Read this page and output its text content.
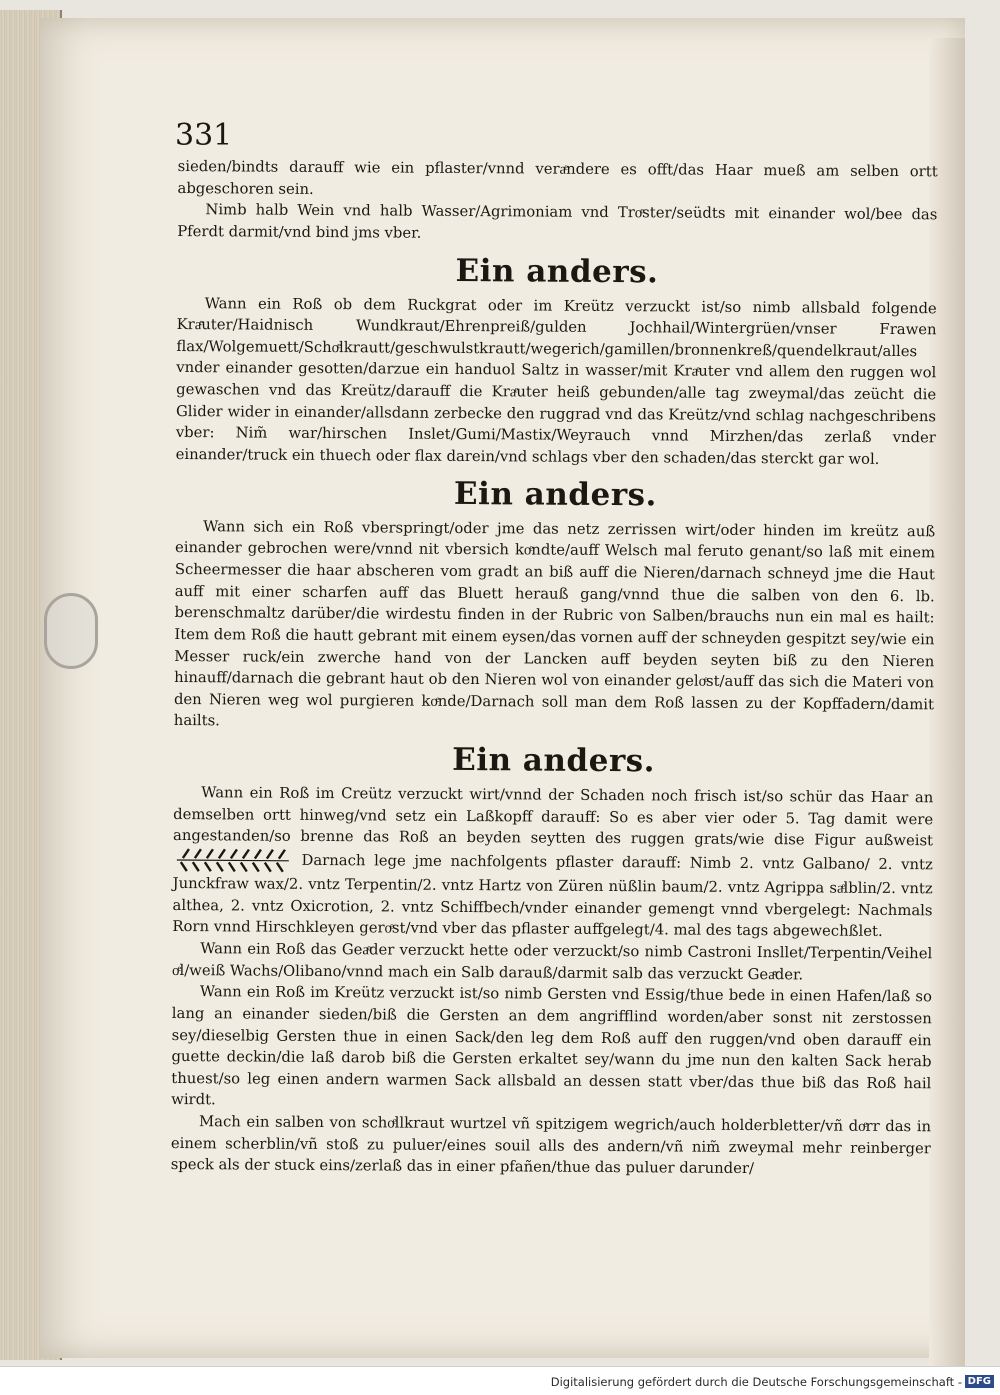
331

sieden/bindts darauff wie ein pflaster/vnnd veraͤndere es offt/das Haar mueß am selben ortt abgeschoren sein.

Nimb halb Wein vnd halb Wasser/Agrimoniam vnd Troͤster/seüdts mit einander wol/bee das Pferdt darmit/vnd bind jms vber.

Ein anders.

Wann ein Roß ob dem Ruckgrat oder im Kreütz verzuckt ist/so nimb allsbald folgende Kraͤuter/Haidnisch Wundkraut/Ehrenpreiß/gulden Jochhail/Wintergrüen/vnser Frawen flax/Wolgemuett/Schoͤlkrautt/geschwulstkrautt/wegerich/gamillen/bronnenkreß/quendelkraut/alles vnder einander gesotten/darzue ein handuol Saltz in wasser/mit Kraͤuter vnd allem den ruggen wol gewaschen vnd das Kreütz/darauff die Kraͤuter heiß gebunden/alle tag zweymal/das zeücht die Glider wider in einander/allsdann zerbecke den ruggrad vnd das Kreütz/vnd schlag nachgeschribens vber: Nim̃ war/hirschen Inslet/Gumi/Mastix/Weyrauch vnnd Mirzhen/das zerlaß vnder einander/truck ein thuech oder flax darein/vnd schlags vber den schaden/das sterckt gar wol.

Ein anders.

Wann sich ein Roß vberspringt/oder jme das netz zerrissen wirt/oder hinden im kreütz auß einander gebrochen were/vnnd nit vbersich koͤndte/auff Welsch mal feruto genant/so laß mit einem Scheermesser die haar abscheren vom gradt an biß auff die Nieren/darnach schneyd jme die Haut auff mit einer scharfen auff das Bluett herauß gang/vnnd thue die salben von den 6. lb. berenschmaltz darüber/die wirdestu finden in der Rubric von Salben/brauchs nun ein mal es hailt: Item dem Roß die hautt gebrant mit einem eysen/das vornen auff der schneyden gespitzt sey/wie ein Messer ruck/ein zwerche hand von der Lancken auff beyden seyten biß zu den Nieren hinauff/darnach die gebrant haut ob den Nieren wol von einander geloͤst/auff das sich die Materi von den Nieren weg wol purgieren koͤnde/Darnach soll man dem Roß lassen zu der Kopffadern/damit hailts.

Ein anders.

Wann ein Roß im Creütz verzuckt wirt/vnnd der Schaden noch frisch ist/so schür das Haar an demselben ortt hinweg/vnd setz ein Laßkopff darauff: So es aber vier oder 5. Tag damit were angestanden/so brenne das Roß an beyden seytten des ruggen grats/wie dise Figur außweist  Darnach lege jme nachfolgents pflaster darauff: Nimb 2. vntz Galbano/ 2. vntz Junckfraw wax/2. vntz Terpentin/2. vntz Hartz von Züren nüßlin baum/2. vntz Agrippa saͤlblin/2. vntz althea, 2. vntz Oxicrotion, 2. vntz Schiffbech/vnder einander gemengt vnnd vbergelegt: Nachmals Rorn vnnd Hirschkleyen geroͤst/vnd vber das pflaster auffgelegt/4. mal des tags abgewechßlet.

Wann ein Roß das Geaͤder verzuckt hette oder verzuckt/so nimb Castroni Insllet/Terpentin/Veihel oͤl/weiß Wachs/Olibano/vnnd mach ein Salb darauß/darmit salb das verzuckt Geaͤder.

Wann ein Roß im Kreütz verzuckt ist/so nimb Gersten vnd Essig/thue bede in einen Hafen/laß so lang an einander sieden/biß die Gersten an dem angrifflind worden/aber sonst nit zerstossen sey/dieselbig Gersten thue in einen Sack/den leg dem Roß auff den ruggen/vnd oben darauff ein guette deckin/die laß darob biß die Gersten erkaltet sey/wann du jme nun den kalten Sack herab thuest/so leg einen andern warmen Sack allsbald an dessen statt vber/das thue biß das Roß hail wirdt.

Mach ein salben von schoͤllkraut wurtzel vñ spitzigem wegrich/auch holderbletter/vñ doͤrr das in einem scherblin/vñ stoß zu puluer/eines souil alls des andern/vñ nim̃ zweymal mehr reinberger speck als der stuck eins/zerlaß das in einer pfañen/thue das puluer darunder/

Digitalisierung gefördert durch die Deutsche Forschungsgemeinschaft - DFG
